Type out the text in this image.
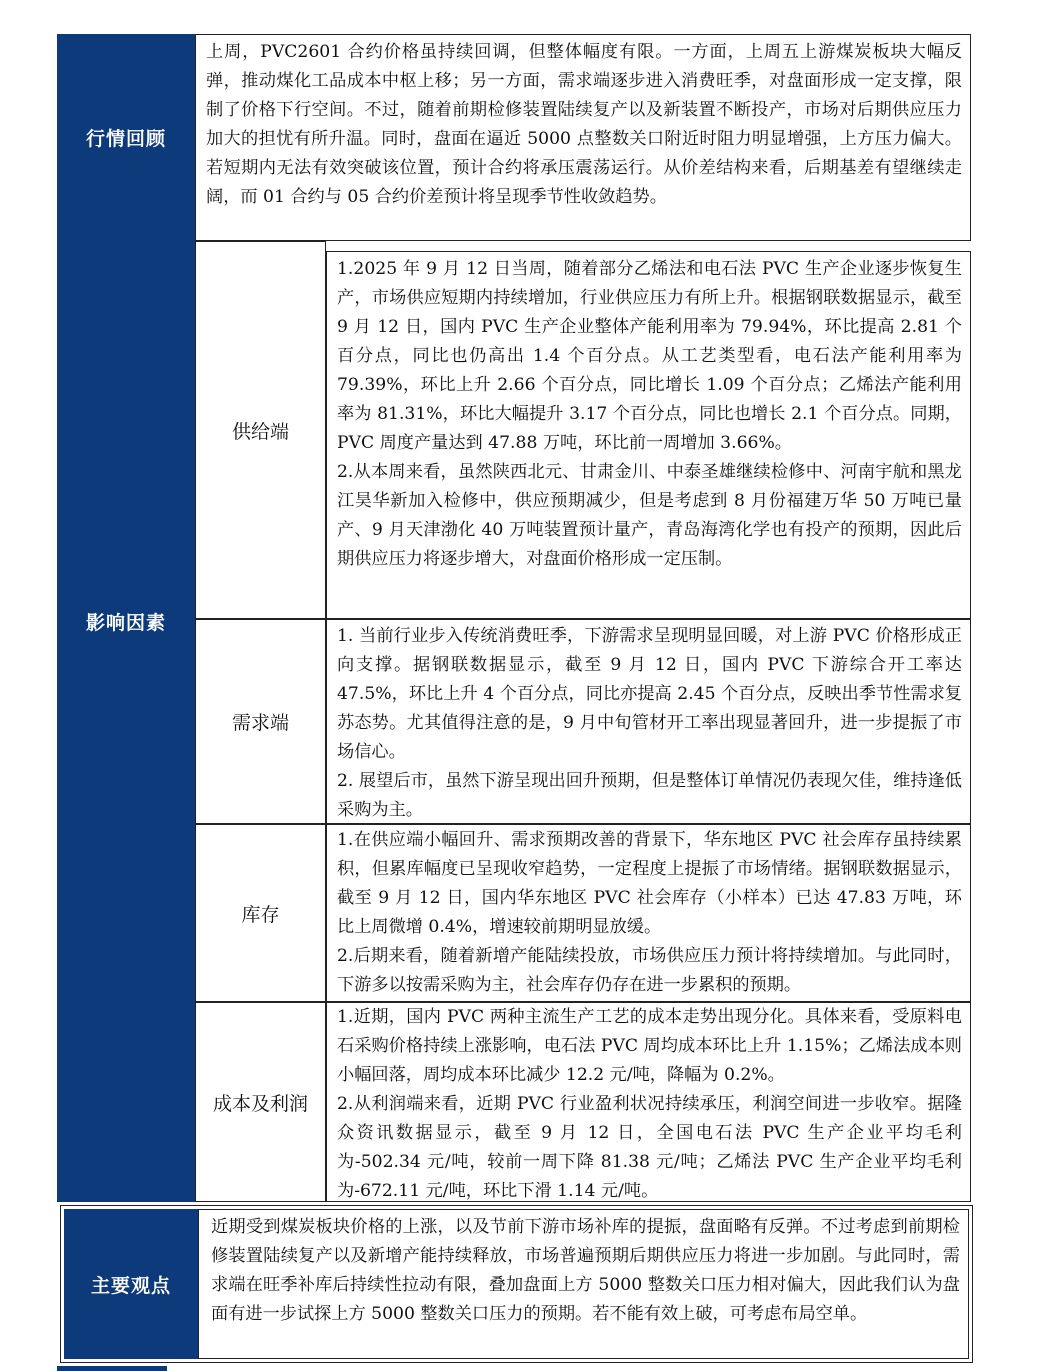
行情回顾

上周，PVC2601 合约价格虽持续回调，但整体幅度有限。一方面，上周五上游煤炭板块大幅反弹，推动煤化工品成本中枢上移；另一方面，需求端逐步进入消费旺季，对盘面形成一定支撑，限制了价格下行空间。不过，随着前期检修装置陆续复产以及新装置不断投产，市场对后期供应压力加大的担忧有所升温。同时，盘面在逼近 5000 点整数关口附近时阻力明显增强，上方压力偏大。若短期内无法有效突破该位置，预计合约将承压震荡运行。从价差结构来看，后期基差有望继续走阔，而 01 合约与 05 合约价差预计将呈现季节性收敛趋势。

影响因素
供给端

1.2025 年 9 月 12 日当周，随着部分乙烯法和电石法 PVC 生产企业逐步恢复生产，市场供应短期内持续增加，行业供应压力有所上升。根据钢联数据显示，截至 9 月 12 日，国内 PVC 生产企业整体产能利用率为 79.94%，环比提高 2.81 个百分点，同比也仍高出 1.4 个百分点。从工艺类型看，电石法产能利用率为 79.39%，环比上升 2.66 个百分点，同比增长 1.09 个百分点；乙烯法产能利用率为 81.31%，环比大幅提升 3.17 个百分点，同比也增长 2.1 个百分点。同期，PVC 周度产量达到 47.88 万吨，环比前一周增加 3.66%。

2.从本周来看，虽然陕西北元、甘肃金川、中泰圣雄继续检修中、河南宇航和黑龙江昊华新加入检修中，供应预期减少，但是考虑到 8 月份福建万华 50 万吨已量产、9 月天津渤化 40 万吨装置预计量产，青岛海湾化学也有投产的预期，因此后期供应压力将逐步增大，对盘面价格形成一定压制。

需求端

1. 当前行业步入传统消费旺季，下游需求呈现明显回暖，对上游 PVC 价格形成正向支撑。据钢联数据显示，截至 9 月 12 日，国内 PVC 下游综合开工率达 47.5%，环比上升 4 个百分点，同比亦提高 2.45 个百分点，反映出季节性需求复苏态势。尤其值得注意的是，9 月中旬管材开工率出现显著回升，进一步提振了市场信心。

2. 展望后市，虽然下游呈现出回升预期，但是整体订单情况仍表现欠佳，维持逢低采购为主。

库存

1.在供应端小幅回升、需求预期改善的背景下，华东地区 PVC 社会库存虽持续累积，但累库幅度已呈现收窄趋势，一定程度上提振了市场情绪。据钢联数据显示，截至 9 月 12 日，国内华东地区 PVC 社会库存（小样本）已达 47.83 万吨，环比上周微增 0.4%，增速较前期明显放缓。

2.后期来看，随着新增产能陆续投放，市场供应压力预计将持续增加。与此同时，下游多以按需采购为主，社会库存仍存在进一步累积的预期。

成本及利润

1.近期，国内 PVC 两种主流生产工艺的成本走势出现分化。具体来看，受原料电石采购价格持续上涨影响，电石法 PVC 周均成本环比上升 1.15%；乙烯法成本则小幅回落，周均成本环比减少 12.2 元/吨，降幅为 0.2%。

2.从利润端来看，近期 PVC 行业盈利状况持续承压，利润空间进一步收窄。据隆众资讯数据显示，截至 9 月 12 日，全国电石法 PVC 生产企业平均毛利为-502.34 元/吨，较前一周下降 81.38 元/吨；乙烯法 PVC 生产企业平均毛利为-672.11 元/吨，环比下滑 1.14 元/吨。

主要观点

近期受到煤炭板块价格的上涨，以及节前下游市场补库的提振，盘面略有反弹。不过考虑到前期检修装置陆续复产以及新增产能持续释放，市场普遍预期后期供应压力将进一步加剧。与此同时，需求端在旺季补库后持续性拉动有限，叠加盘面上方 5000 整数关口压力相对偏大，因此我们认为盘面有进一步试探上方 5000 整数关口压力的预期。若不能有效上破，可考虑布局空单。
